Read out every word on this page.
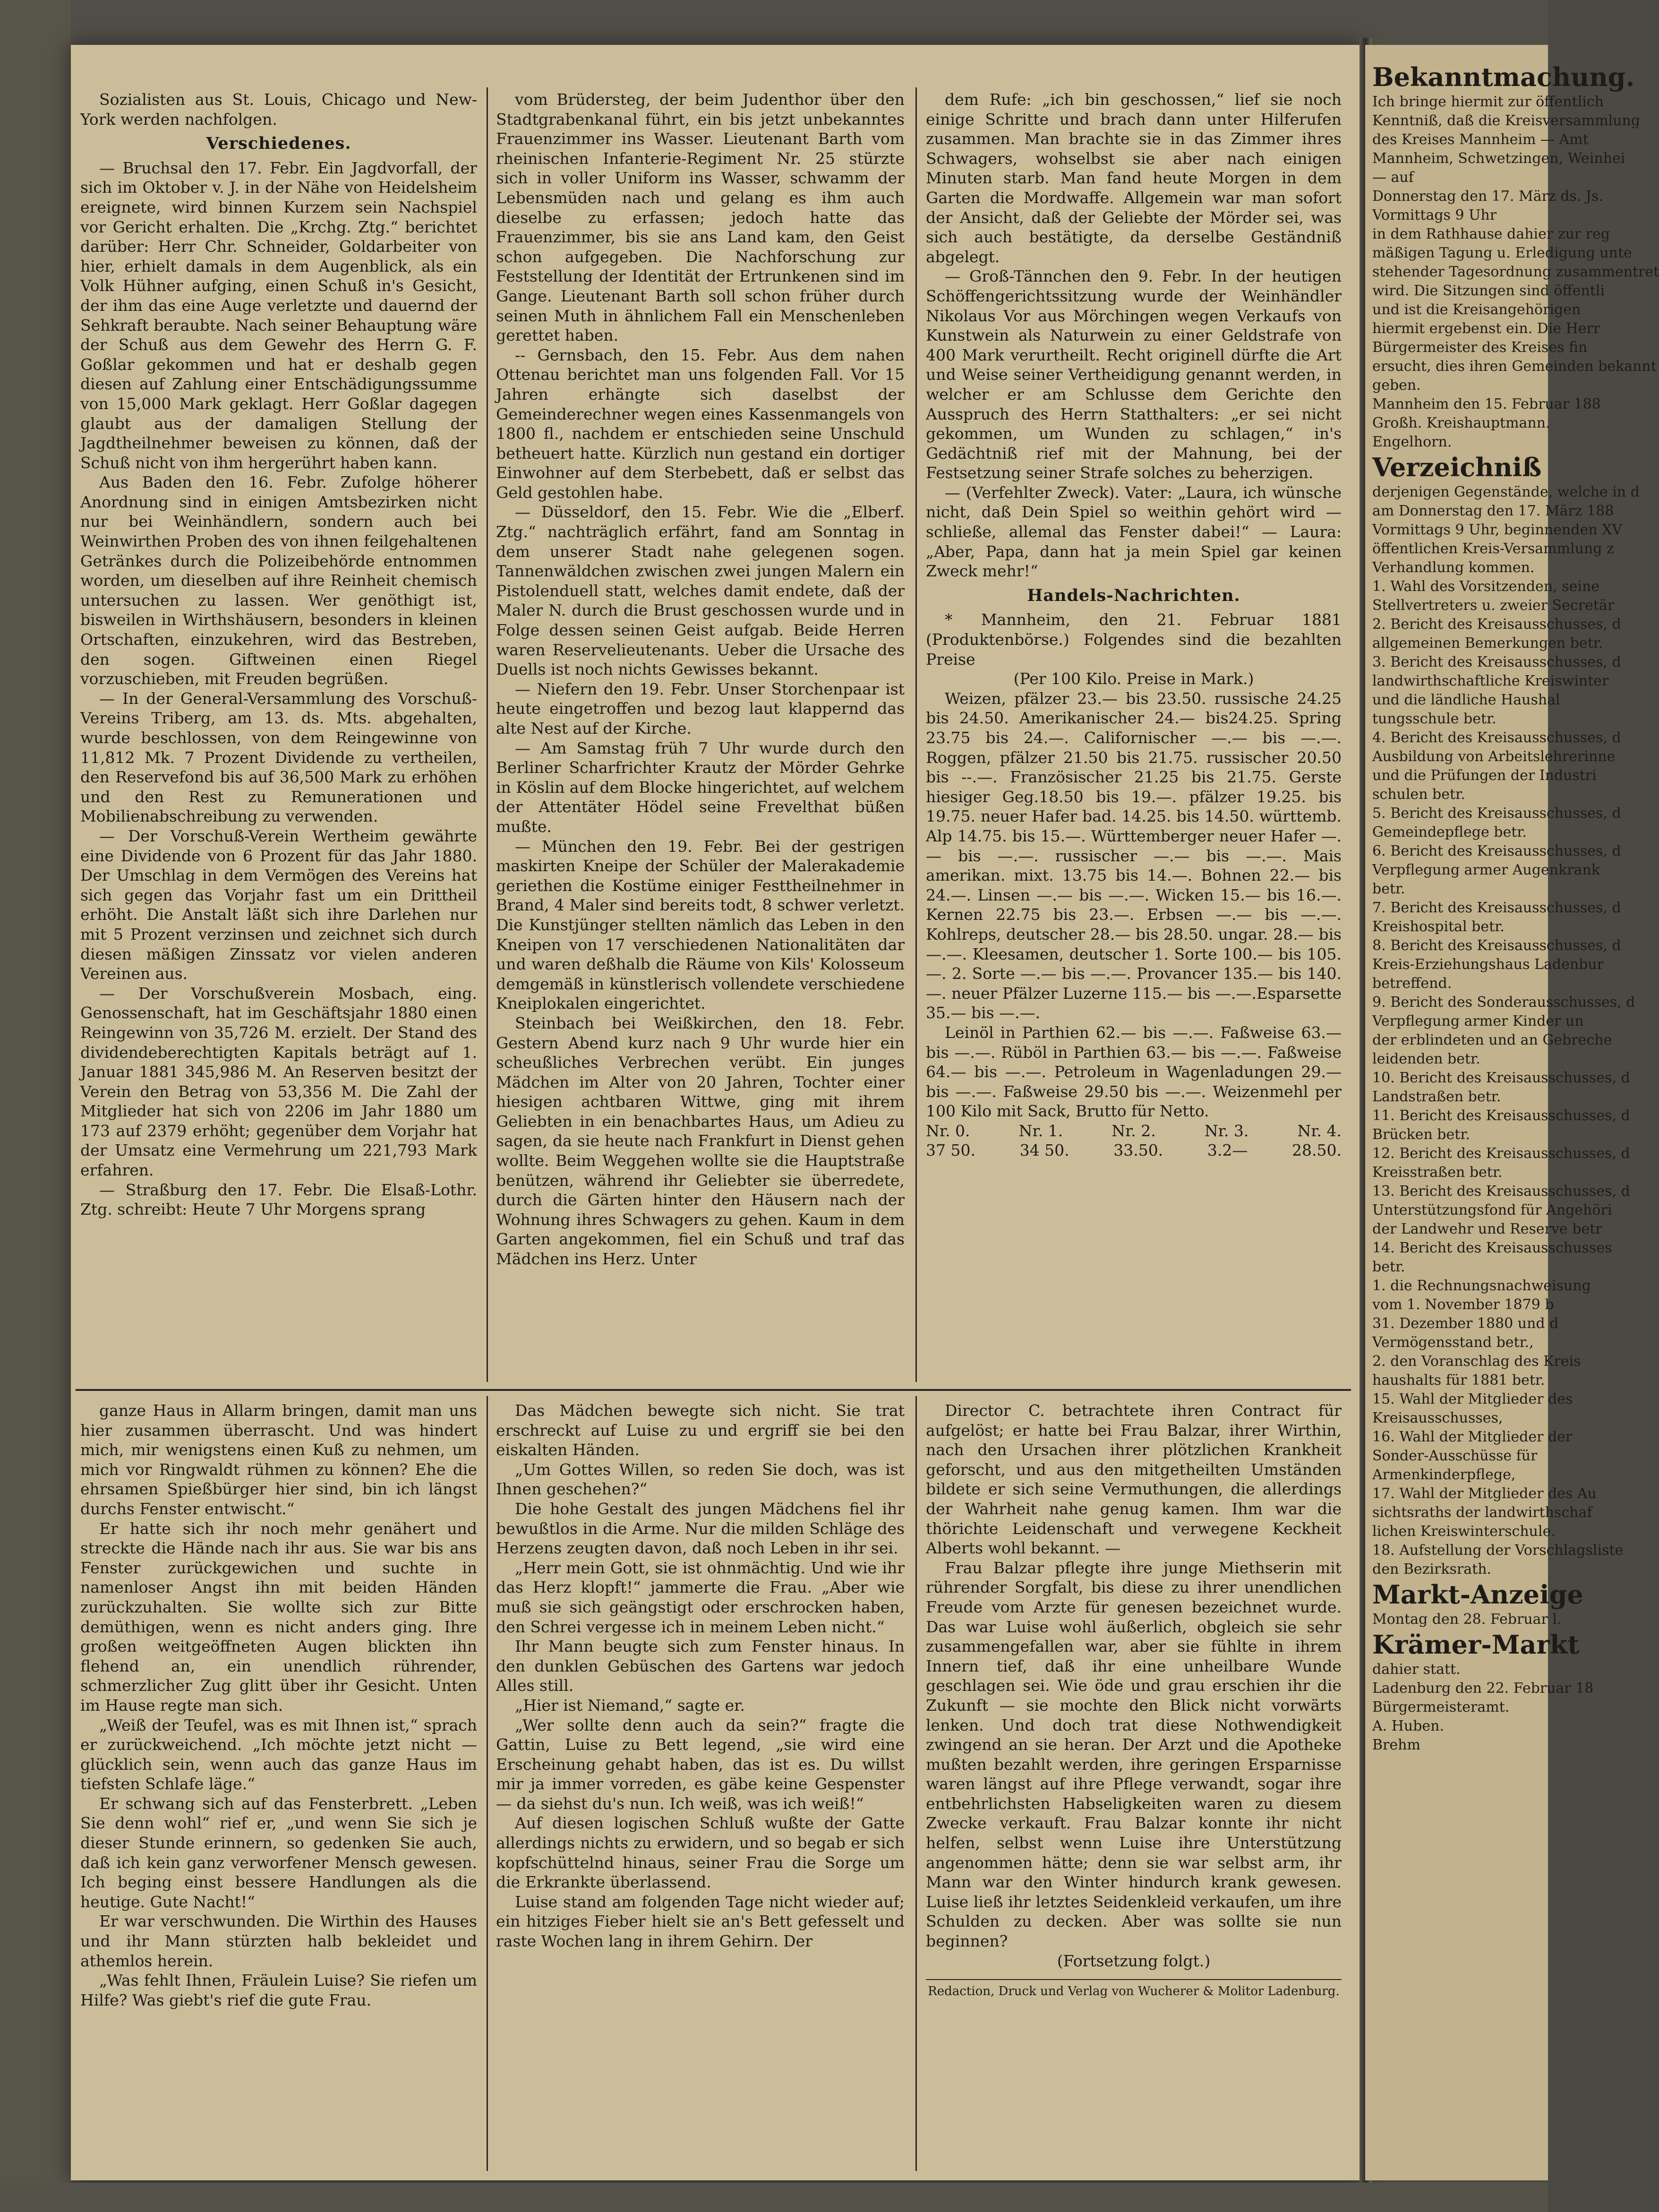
Sozialisten aus St. Louis, Chicago und New-York werden nachfolgen.

Verschiedenes.

— Bruchsal den 17. Febr. Ein Jagdvorfall, der sich im Oktober v. J. in der Nähe von Heidelsheim ereignete, wird binnen Kurzem sein Nachspiel vor Gericht erhalten. Die „Krchg. Ztg.“ berichtet darüber: Herr Chr. Schneider, Goldarbeiter von hier, erhielt damals in dem Augenblick, als ein Volk Hühner aufging, einen Schuß in's Gesicht, der ihm das eine Auge verletzte und dauernd der Sehkraft beraubte. Nach seiner Behauptung wäre der Schuß aus dem Gewehr des Herrn G. F. Goßlar gekommen und hat er deshalb gegen diesen auf Zahlung einer Entschädigungssumme von 15,000 Mark geklagt. Herr Goßlar dagegen glaubt aus der damaligen Stellung der Jagdtheilnehmer beweisen zu können, daß der Schuß nicht von ihm hergerührt haben kann.

Aus Baden den 16. Febr. Zufolge höherer Anordnung sind in einigen Amtsbezirken nicht nur bei Weinhändlern, sondern auch bei Weinwirthen Proben des von ihnen feilgehaltenen Getränkes durch die Polizeibehörde entnommen worden, um dieselben auf ihre Reinheit chemisch untersuchen zu lassen. Wer genöthigt ist, bisweilen in Wirthshäusern, besonders in kleinen Ortschaften, einzukehren, wird das Bestreben, den sogen. Giftweinen einen Riegel vorzuschieben, mit Freuden begrüßen.

— In der General-Versammlung des Vorschuß-Vereins Triberg, am 13. ds. Mts. abgehalten, wurde beschlossen, von dem Reingewinne von 11,812 Mk. 7 Prozent Dividende zu vertheilen, den Reservefond bis auf 36,500 Mark zu erhöhen und den Rest zu Remunerationen und Mobilienabschreibung zu verwenden.

— Der Vorschuß-Verein Wertheim gewährte eine Dividende von 6 Prozent für das Jahr 1880. Der Umschlag in dem Vermögen des Vereins hat sich gegen das Vorjahr fast um ein Drittheil erhöht. Die Anstalt läßt sich ihre Darlehen nur mit 5 Prozent verzinsen und zeichnet sich durch diesen mäßigen Zinssatz vor vielen anderen Vereinen aus.

— Der Vorschußverein Mosbach, eing. Genossenschaft, hat im Geschäftsjahr 1880 einen Reingewinn von 35,726 M. erzielt. Der Stand des dividendeberechtigten Kapitals beträgt auf 1. Januar 1881 345,986 M. An Reserven besitzt der Verein den Betrag von 53,356 M. Die Zahl der Mitglieder hat sich von 2206 im Jahr 1880 um 173 auf 2379 erhöht; gegenüber dem Vorjahr hat der Umsatz eine Vermehrung um 221,793 Mark erfahren.

— Straßburg den 17. Febr. Die Elsaß-Lothr. Ztg. schreibt: Heute 7 Uhr Morgens sprang

vom Brüdersteg, der beim Judenthor über den Stadtgrabenkanal führt, ein bis jetzt unbekanntes Frauenzimmer ins Wasser. Lieutenant Barth vom rheinischen Infanterie-Regiment Nr. 25 stürzte sich in voller Uniform ins Wasser, schwamm der Lebensmüden nach und gelang es ihm auch dieselbe zu erfassen; jedoch hatte das Frauenzimmer, bis sie ans Land kam, den Geist schon aufgegeben. Die Nachforschung zur Feststellung der Identität der Ertrunkenen sind im Gange. Lieutenant Barth soll schon früher durch seinen Muth in ähnlichem Fall ein Menschenleben gerettet haben.

-- Gernsbach, den 15. Febr. Aus dem nahen Ottenau berichtet man uns folgenden Fall. Vor 15 Jahren erhängte sich daselbst der Gemeinderechner wegen eines Kassenmangels von 1800 fl., nachdem er entschieden seine Unschuld betheuert hatte. Kürzlich nun gestand ein dortiger Einwohner auf dem Sterbebett, daß er selbst das Geld gestohlen habe.

— Düsseldorf, den 15. Febr. Wie die „Elberf. Ztg.“ nachträglich erfährt, fand am Sonntag in dem unserer Stadt nahe gelegenen sogen. Tannenwäldchen zwischen zwei jungen Malern ein Pistolenduell statt, welches damit endete, daß der Maler N. durch die Brust geschossen wurde und in Folge dessen seinen Geist aufgab. Beide Herren waren Reservelieutenants. Ueber die Ursache des Duells ist noch nichts Gewisses bekannt.

— Niefern den 19. Febr. Unser Storchenpaar ist heute eingetroffen und bezog laut klappernd das alte Nest auf der Kirche.

— Am Samstag früh 7 Uhr wurde durch den Berliner Scharfrichter Krautz der Mörder Gehrke in Köslin auf dem Blocke hingerichtet, auf welchem der Attentäter Hödel seine Frevelthat büßen mußte.

— München den 19. Febr. Bei der gestrigen maskirten Kneipe der Schüler der Malerakademie geriethen die Kostüme einiger Festtheilnehmer in Brand, 4 Maler sind bereits todt, 8 schwer verletzt. Die Kunstjünger stellten nämlich das Leben in den Kneipen von 17 verschiedenen Nationalitäten dar und waren deßhalb die Räume von Kils' Kolosseum demgemäß in künstlerisch vollendete verschiedene Kneiplokalen eingerichtet.

Steinbach bei Weißkirchen, den 18. Febr. Gestern Abend kurz nach 9 Uhr wurde hier ein scheußliches Verbrechen verübt. Ein junges Mädchen im Alter von 20 Jahren, Tochter einer hiesigen achtbaren Wittwe, ging mit ihrem Geliebten in ein benachbartes Haus, um Adieu zu sagen, da sie heute nach Frankfurt in Dienst gehen wollte. Beim Weggehen wollte sie die Hauptstraße benützen, während ihr Geliebter sie überredete, durch die Gärten hinter den Häusern nach der Wohnung ihres Schwagers zu gehen. Kaum in dem Garten angekommen, fiel ein Schuß und traf das Mädchen ins Herz. Unter

dem Rufe: „ich bin geschossen,“ lief sie noch einige Schritte und brach dann unter Hilferufen zusammen. Man brachte sie in das Zimmer ihres Schwagers, wohselbst sie aber nach einigen Minuten starb. Man fand heute Morgen in dem Garten die Mordwaffe. Allgemein war man sofort der Ansicht, daß der Geliebte der Mörder sei, was sich auch bestätigte, da derselbe Geständniß abgelegt.

— Groß-Tännchen den 9. Febr. In der heutigen Schöffengerichtssitzung wurde der Weinhändler Nikolaus Vor aus Mörchingen wegen Verkaufs von Kunstwein als Naturwein zu einer Geldstrafe von 400 Mark verurtheilt. Recht originell dürfte die Art und Weise seiner Vertheidigung genannt werden, in welcher er am Schlusse dem Gerichte den Ausspruch des Herrn Statthalters: „er sei nicht gekommen, um Wunden zu schlagen,“ in's Gedächtniß rief mit der Mahnung, bei der Festsetzung seiner Strafe solches zu beherzigen.

— (Verfehlter Zweck). Vater: „Laura, ich wünsche nicht, daß Dein Spiel so weithin gehört wird — schließe, allemal das Fenster dabei!“ — Laura: „Aber, Papa, dann hat ja mein Spiel gar keinen Zweck mehr!“

Handels-Nachrichten.

* Mannheim, den 21. Februar 1881 (Produktenbörse.) Folgendes sind die bezahlten Preise

(Per 100 Kilo. Preise in Mark.)

Weizen, pfälzer 23.— bis 23.50. russische 24.25 bis 24.50. Amerikanischer 24.— bis24.25. Spring 23.75 bis 24.—. Californischer —.— bis —.—. Roggen, pfälzer 21.50 bis 21.75. russischer 20.50 bis --.—. Französischer 21.25 bis 21.75. Gerste hiesiger Geg.18.50 bis 19.—. pfälzer 19.25. bis 19.75. neuer Hafer bad. 14.25. bis 14.50. württemb. Alp 14.75. bis 15.—. Württemberger neuer Hafer —.— bis —.—. russischer —.— bis —.—. Mais amerikan. mixt. 13.75 bis 14.—. Bohnen 22.— bis 24.—. Linsen —.— bis —.—. Wicken 15.— bis 16.—. Kernen 22.75 bis 23.—. Erbsen —.— bis —.—. Kohlreps, deutscher 28.— bis 28.50. ungar. 28.— bis —.—. Kleesamen, deutscher 1. Sorte 100.— bis 105.—. 2. Sorte —.— bis —.—. Provancer 135.— bis 140.—. neuer Pfälzer Luzerne 115.— bis —.—.Esparsette 35.— bis —.—.

Leinöl in Parthien 62.— bis —.—. Faßweise 63.— bis —.—. Rüböl in Parthien 63.— bis —.—. Faßweise 64.— bis —.—. Petroleum in Wagenladungen 29.— bis —.—. Faßweise 29.50 bis —.—. Weizenmehl per 100 Kilo mit Sack, Brutto für Netto.

Nr. 0.	Nr. 1.	Nr. 2.	Nr. 3.	Nr. 4.
37 50.	34 50.	33.50.	3.2—	28.50.

ganze Haus in Allarm bringen, damit man uns hier zusammen überrascht. Und was hindert mich, mir wenigstens einen Kuß zu nehmen, um mich vor Ringwaldt rühmen zu können? Ehe die ehrsamen Spießbürger hier sind, bin ich längst durchs Fenster entwischt.“

Er hatte sich ihr noch mehr genähert und streckte die Hände nach ihr aus. Sie war bis ans Fenster zurückgewichen und suchte in namenloser Angst ihn mit beiden Händen zurückzuhalten. Sie wollte sich zur Bitte demüthigen, wenn es nicht anders ging. Ihre großen weitgeöffneten Augen blickten ihn flehend an, ein unendlich rührender, schmerzlicher Zug glitt über ihr Gesicht. Unten im Hause regte man sich.

„Weiß der Teufel, was es mit Ihnen ist,“ sprach er zurückweichend. „Ich möchte jetzt nicht — glücklich sein, wenn auch das ganze Haus im tiefsten Schlafe läge.“

Er schwang sich auf das Fensterbrett. „Leben Sie denn wohl“ rief er, „und wenn Sie sich je dieser Stunde erinnern, so gedenken Sie auch, daß ich kein ganz verworfener Mensch gewesen. Ich beging einst bessere Handlungen als die heutige. Gute Nacht!“

Er war verschwunden. Die Wirthin des Hauses und ihr Mann stürzten halb bekleidet und athemlos herein.

„Was fehlt Ihnen, Fräulein Luise? Sie riefen um Hilfe? Was giebt's rief die gute Frau.

Das Mädchen bewegte sich nicht. Sie trat erschreckt auf Luise zu und ergriff sie bei den eiskalten Händen.

„Um Gottes Willen, so reden Sie doch, was ist Ihnen geschehen?“

Die hohe Gestalt des jungen Mädchens fiel ihr bewußtlos in die Arme. Nur die milden Schläge des Herzens zeugten davon, daß noch Leben in ihr sei.

„Herr mein Gott, sie ist ohnmächtig. Und wie ihr das Herz klopft!“ jammerte die Frau. „Aber wie muß sie sich geängstigt oder erschrocken haben, den Schrei vergesse ich in meinem Leben nicht.“

Ihr Mann beugte sich zum Fenster hinaus. In den dunklen Gebüschen des Gartens war jedoch Alles still.

„Hier ist Niemand,“ sagte er.

„Wer sollte denn auch da sein?“ fragte die Gattin, Luise zu Bett legend, „sie wird eine Erscheinung gehabt haben, das ist es. Du willst mir ja immer vorreden, es gäbe keine Gespenster — da siehst du's nun. Ich weiß, was ich weiß!“

Auf diesen logischen Schluß wußte der Gatte allerdings nichts zu erwidern, und so begab er sich kopfschüttelnd hinaus, seiner Frau die Sorge um die Erkrankte überlassend.

Luise stand am folgenden Tage nicht wieder auf; ein hitziges Fieber hielt sie an's Bett gefesselt und raste Wochen lang in ihrem Gehirn. Der

Director C. betrachtete ihren Contract für aufgelöst; er hatte bei Frau Balzar, ihrer Wirthin, nach den Ursachen ihrer plötzlichen Krankheit geforscht, und aus den mitgetheilten Umständen bildete er sich seine Vermuthungen, die allerdings der Wahrheit nahe genug kamen. Ihm war die thörichte Leidenschaft und verwegene Keckheit Alberts wohl bekannt. —

Frau Balzar pflegte ihre junge Miethserin mit rührender Sorgfalt, bis diese zu ihrer unendlichen Freude vom Arzte für genesen bezeichnet wurde. Das war Luise wohl äußerlich, obgleich sie sehr zusammengefallen war, aber sie fühlte in ihrem Innern tief, daß ihr eine unheilbare Wunde geschlagen sei. Wie öde und grau erschien ihr die Zukunft — sie mochte den Blick nicht vorwärts lenken. Und doch trat diese Nothwendigkeit zwingend an sie heran. Der Arzt und die Apotheke mußten bezahlt werden, ihre geringen Ersparnisse waren längst auf ihre Pflege verwandt, sogar ihre entbehrlichsten Habseligkeiten waren zu diesem Zwecke verkauft. Frau Balzar konnte ihr nicht helfen, selbst wenn Luise ihre Unterstützung angenommen hätte; denn sie war selbst arm, ihr Mann war den Winter hindurch krank gewesen. Luise ließ ihr letztes Seidenkleid verkaufen, um ihre Schulden zu decken. Aber was sollte sie nun beginnen?

(Fortsetzung folgt.)

Redaction, Druck und Verlag von Wucherer & Molitor Ladenburg.

Bekanntmachung.

Ich bringe hiermit zur öffentlich

Kenntniß, daß die Kreisversammlung

des Kreises Mannheim — Amt

Mannheim, Schwetzingen, Weinhei

— auf

Donnerstag den 17. März ds. Js.

Vormittags 9 Uhr

in dem Rathhause dahier zur reg

mäßigen Tagung u. Erledigung unte

stehender Tagesordnung zusammentret

wird. Die Sitzungen sind öffentli

und ist die Kreisangehörigen

hiermit ergebenst ein. Die Herr

Bürgermeister des Kreises fin

ersucht, dies ihren Gemeinden bekannt

geben.

Mannheim den 15. Februar 188

Großh. Kreishauptmann.

Engelhorn.

Verzeichniß

derjenigen Gegenstände, welche in d

am Donnerstag den 17. März 188

Vormittags 9 Uhr, beginnenden XV

öffentlichen Kreis-Versammlung z

Verhandlung kommen.

1. Wahl des Vorsitzenden, seine

Stellvertreters u. zweier Secretär

2. Bericht des Kreisausschusses, d

allgemeinen Bemerkungen betr.

3. Bericht des Kreisausschusses, d

landwirthschaftliche Kreiswinter

und die ländliche Haushal

tungsschule betr.

4. Bericht des Kreisausschusses, d

Ausbildung von Arbeitslehrerinne

und die Prüfungen der Industri

schulen betr.

5. Bericht des Kreisausschusses, d

Gemeindepflege betr.

6. Bericht des Kreisausschusses, d

Verpflegung armer Augenkrank

betr.

7. Bericht des Kreisausschusses, d

Kreishospital betr.

8. Bericht des Kreisausschusses, d

Kreis-Erziehungshaus Ladenbur

betreffend.

9. Bericht des Sonderausschusses, d

Verpflegung armer Kinder un

der erblindeten und an Gebreche

leidenden betr.

10. Bericht des Kreisausschusses, d

Landstraßen betr.

11. Bericht des Kreisausschusses, d

Brücken betr.

12. Bericht des Kreisausschusses, d

Kreisstraßen betr.

13. Bericht des Kreisausschusses, d

Unterstützungsfond für Angehöri

der Landwehr und Reserve betr

14. Bericht des Kreisausschusses

betr.

1. die Rechnungsnachweisung

vom 1. November 1879 b

31. Dezember 1880 und d

Vermögensstand betr.,

2. den Voranschlag des Kreis

haushalts für 1881 betr.

15. Wahl der Mitglieder des

Kreisausschusses,

16. Wahl der Mitglieder der

Sonder-Ausschüsse für

Armenkinderpflege,

17. Wahl der Mitglieder des Au

sichtsraths der landwirthschaf

lichen Kreiswinterschule.

18. Aufstellung der Vorschlagsliste

den Bezirksrath.

Markt-Anzeige

Montag den 28. Februar l.

Krämer-Markt

dahier statt.

Ladenburg den 22. Februar 18

Bürgermeisteramt.

A. Huben.

Brehm
